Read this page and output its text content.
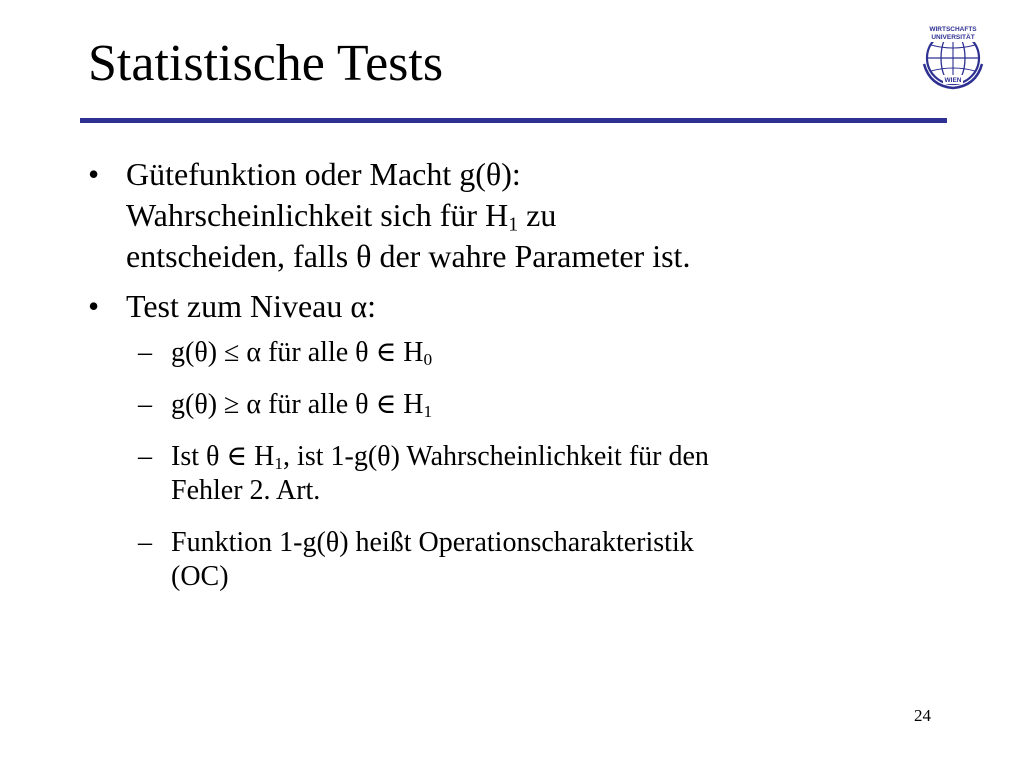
Statistische Tests
WIRTSCHAFTS
UNIVERSITÄT
WIEN
• Gütefunktion oder Macht g(θ):
Wahrscheinlichkeit sich für $H_1$ zu
entscheiden, falls θ der wahre Parameter ist.
• Test zum Niveau α:
– g(θ) ≤ α für alle θ ∈ $H_0$
– g(θ) ≥ α für alle θ ∈ $H_1$
– Ist θ ∈ $H_1$, ist 1-g(θ) Wahrscheinlichkeit für den
Fehler 2. Art.
– Funktion 1-g(θ) heißt Operationscharakteristik
(OC)
24
